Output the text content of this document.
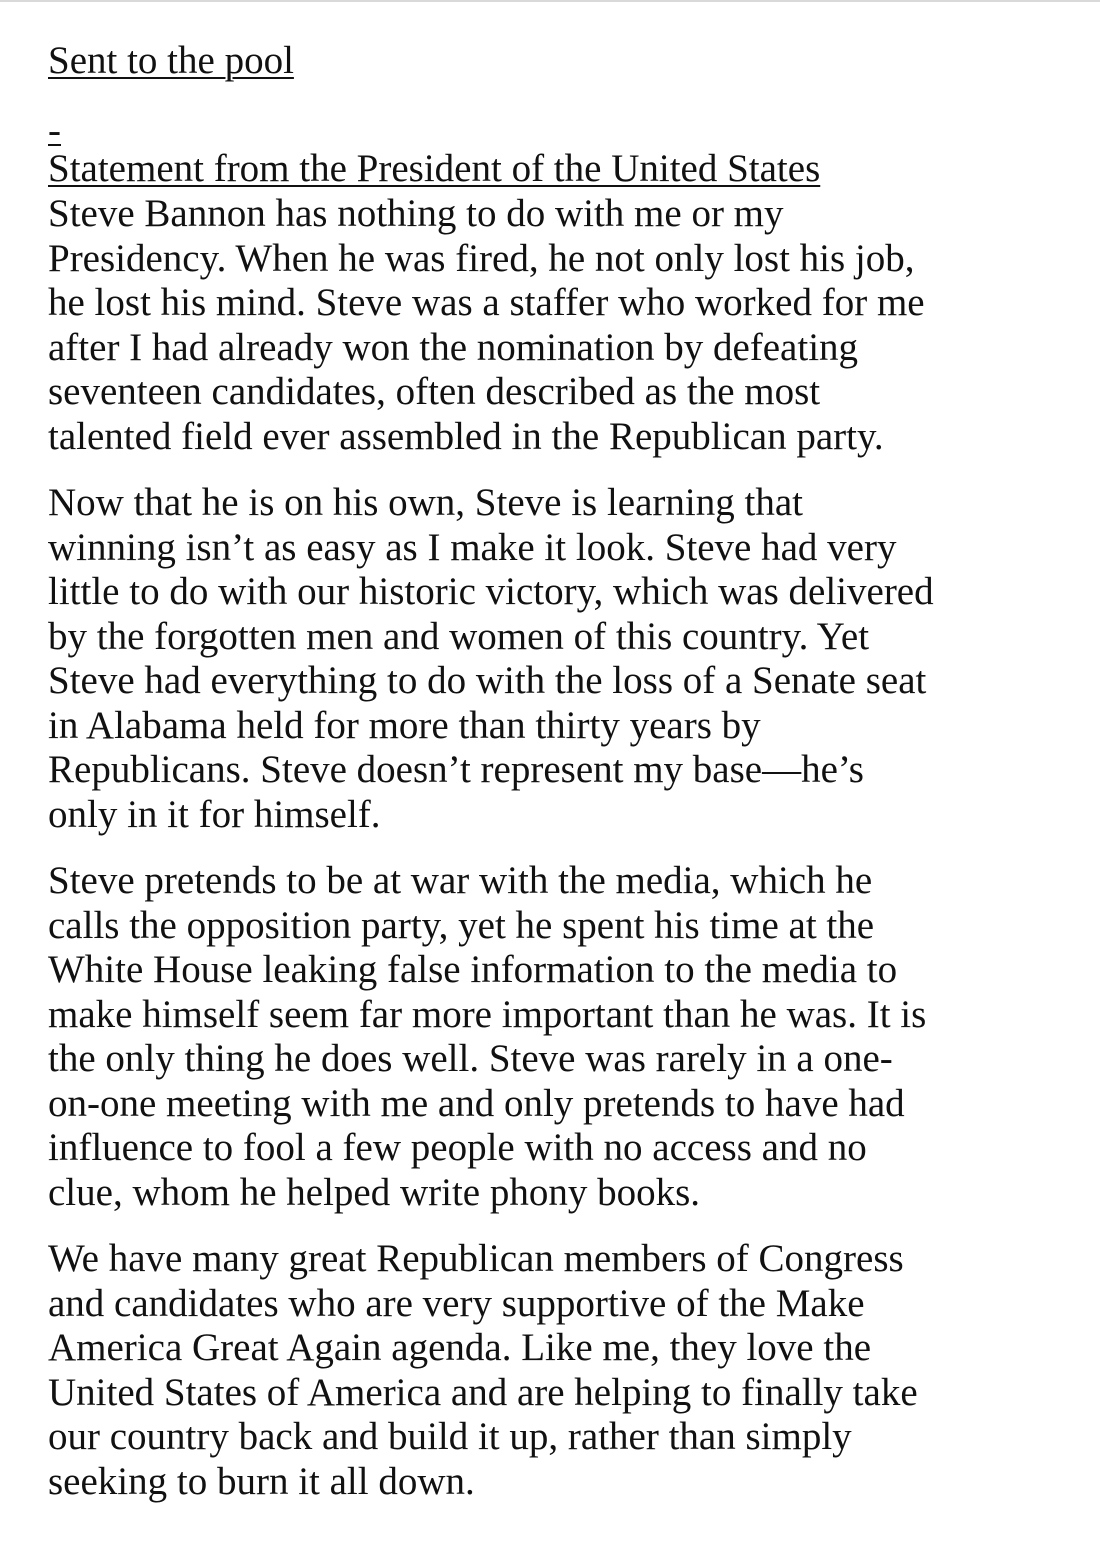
Sent to the pool

-

Statement from the President of the United States

Steve Bannon has nothing to do with me or my
Presidency. When he was fired, he not only lost his job,
he lost his mind. Steve was a staffer who worked for me
after I had already won the nomination by defeating
seventeen candidates, often described as the most
talented field ever assembled in the Republican party.

Now that he is on his own, Steve is learning that
winning isn’t as easy as I make it look. Steve had very
little to do with our historic victory, which was delivered
by the forgotten men and women of this country. Yet
Steve had everything to do with the loss of a Senate seat
in Alabama held for more than thirty years by
Republicans. Steve doesn’t represent my base—he’s
only in it for himself.

Steve pretends to be at war with the media, which he
calls the opposition party, yet he spent his time at the
White House leaking false information to the media to
make himself seem far more important than he was. It is
the only thing he does well. Steve was rarely in a one-
on-one meeting with me and only pretends to have had
influence to fool a few people with no access and no
clue, whom he helped write phony books.

We have many great Republican members of Congress
and candidates who are very supportive of the Make
America Great Again agenda. Like me, they love the
United States of America and are helping to finally take
our country back and build it up, rather than simply
seeking to burn it all down.
